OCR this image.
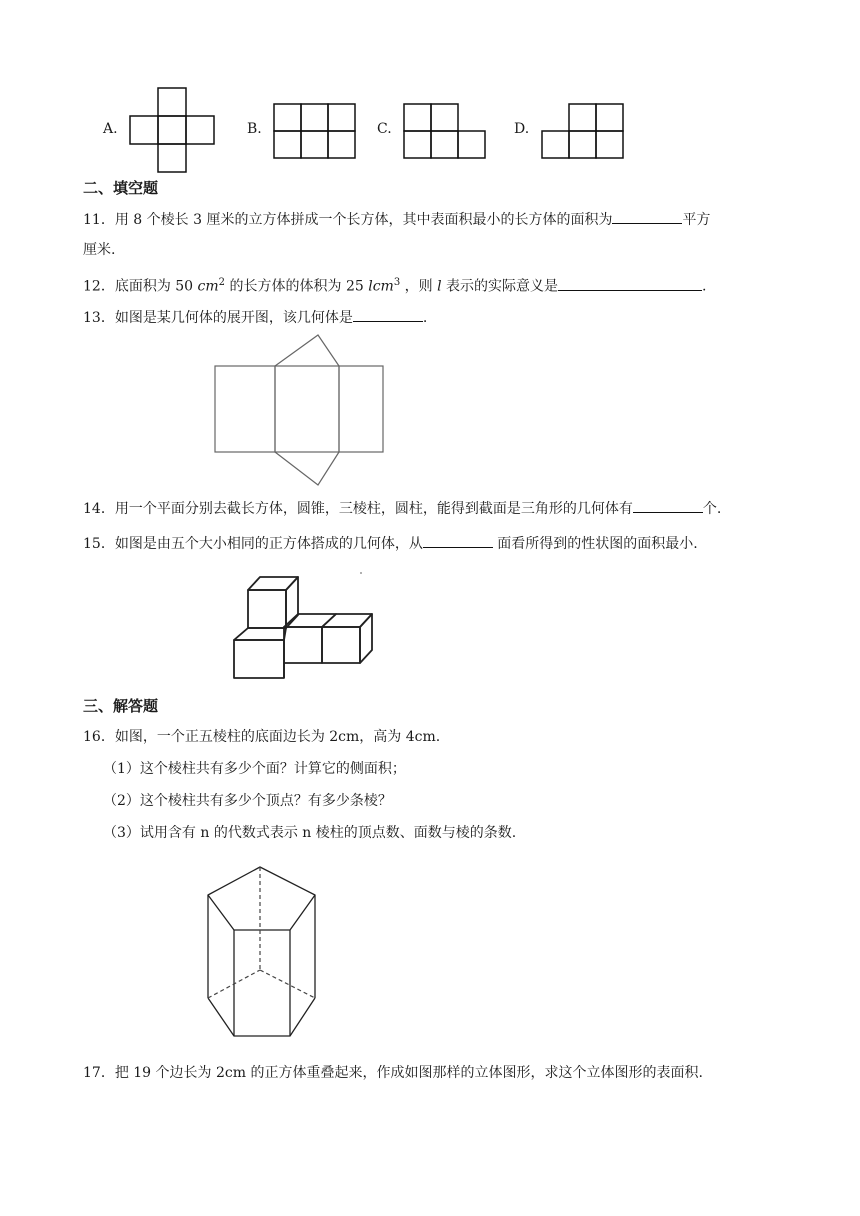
A.	B.	C.	D.
二、填空题
11．用 8 个棱长 3 厘米的立方体拼成一个长方体，其中表面积最小的长方体的面积为	平方
厘米.
12．底面积为 50 $cm^2$ 的长方体的体积为 25 lcm$^3$ ，则 l 表示的实际意义是	.
13．如图是某几何体的展开图，该几何体是	.
14．用一个平面分别去截长方体，圆锥，三棱柱，圆柱，能得到截面是三角形的几何体有	个.
15．如图是由五个大小相同的正方体搭成的几何体，从	面看所得到的性状图的面积最小.
三、解答题
16．如图，一个正五棱柱的底面边长为 2cm，高为 4cm.
（1）这个棱柱共有多少个面？计算它的侧面积；
（2）这个棱柱共有多少个顶点？有多少条棱？
（3）试用含有 n 的代数式表示 n 棱柱的顶点数、面数与棱的条数.
17．把 19 个边长为 2cm 的正方体重叠起来，作成如图那样的立体图形，求这个立体图形的表面积.
